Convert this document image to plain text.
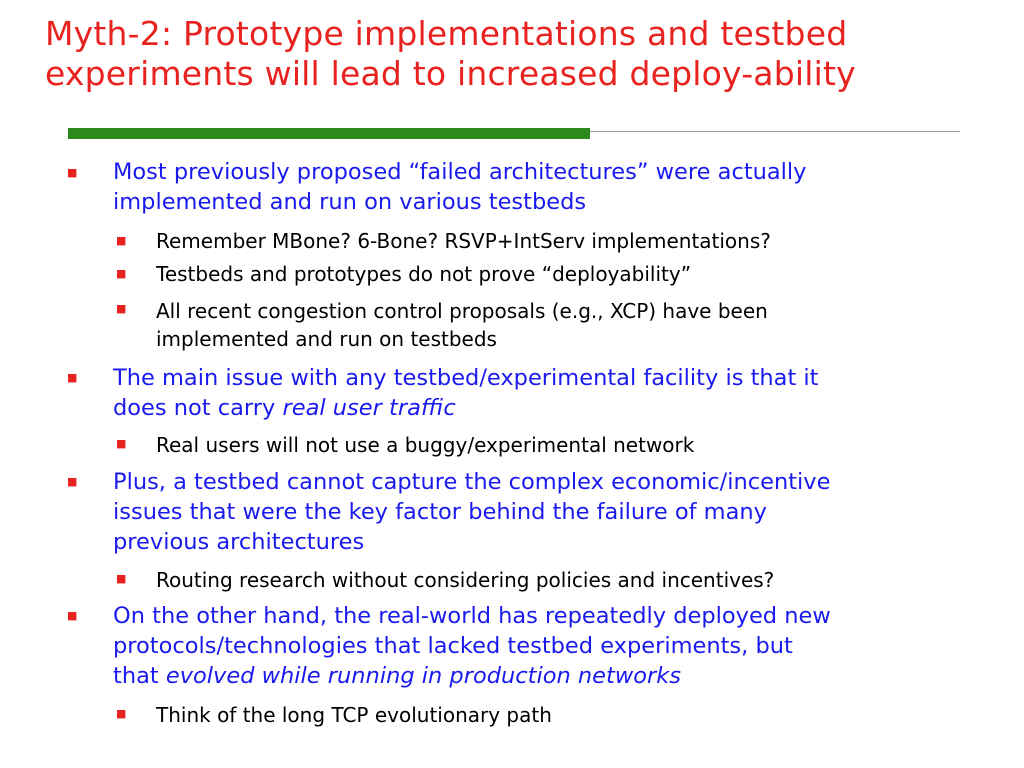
Myth-2: Prototype implementations and testbed
experiments will lead to increased deploy-ability
■ Most previously proposed “failed architectures” were actually
implemented and run on various testbeds
■ Remember MBone? 6-Bone? RSVP+IntServ implementations?
■ Testbeds and prototypes do not prove “deployability”
■ All recent congestion control proposals (e.g., XCP) have been
implemented and run on testbeds
■ The main issue with any testbed/experimental facility is that it
does not carry real user traffic
■ Real users will not use a buggy/experimental network
■ Plus, a testbed cannot capture the complex economic/incentive
issues that were the key factor behind the failure of many
previous architectures
■ Routing research without considering policies and incentives?
■ On the other hand, the real-world has repeatedly deployed new
protocols/technologies that lacked testbed experiments, but
that evolved while running in production networks
■ Think of the long TCP evolutionary path
